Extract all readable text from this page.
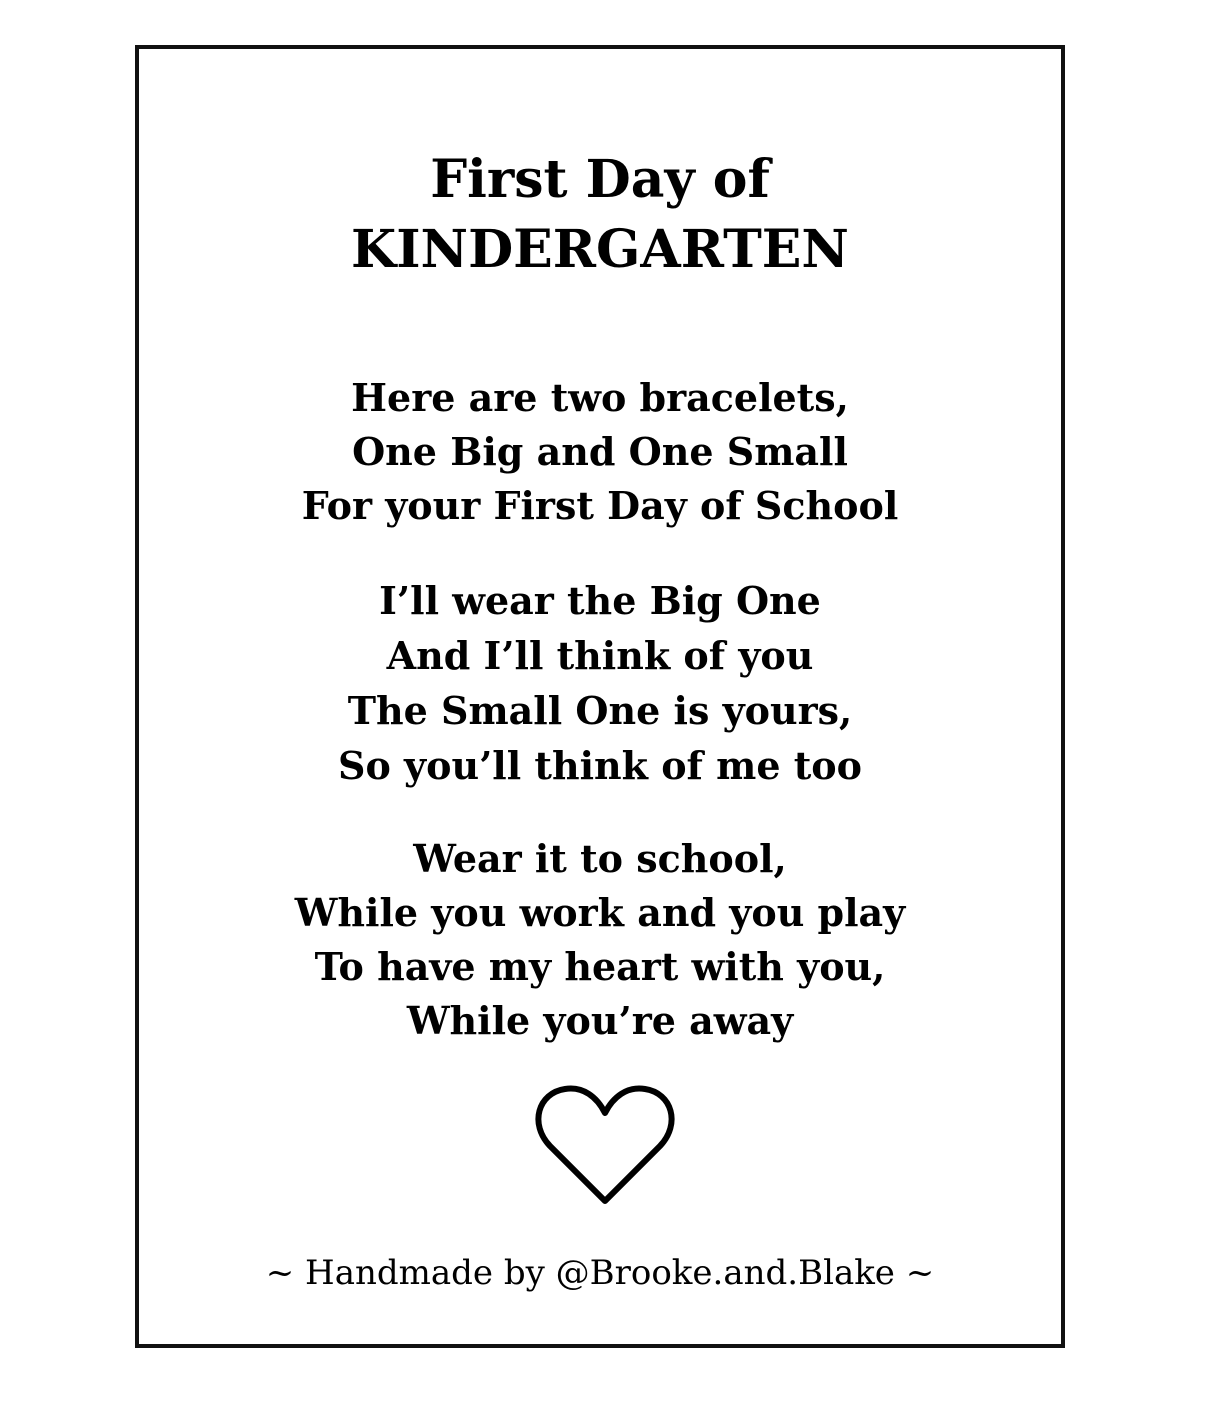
First Day of
KINDERGARTEN

Here are two bracelets,
One Big and One Small
For your First Day of School

I’ll wear the Big One
And I’ll think of you
The Small One is yours,
So you’ll think of me too

Wear it to school,
While you work and you play
To have my heart with you,
While you’re away

~ Handmade by @Brooke.and.Blake ~
